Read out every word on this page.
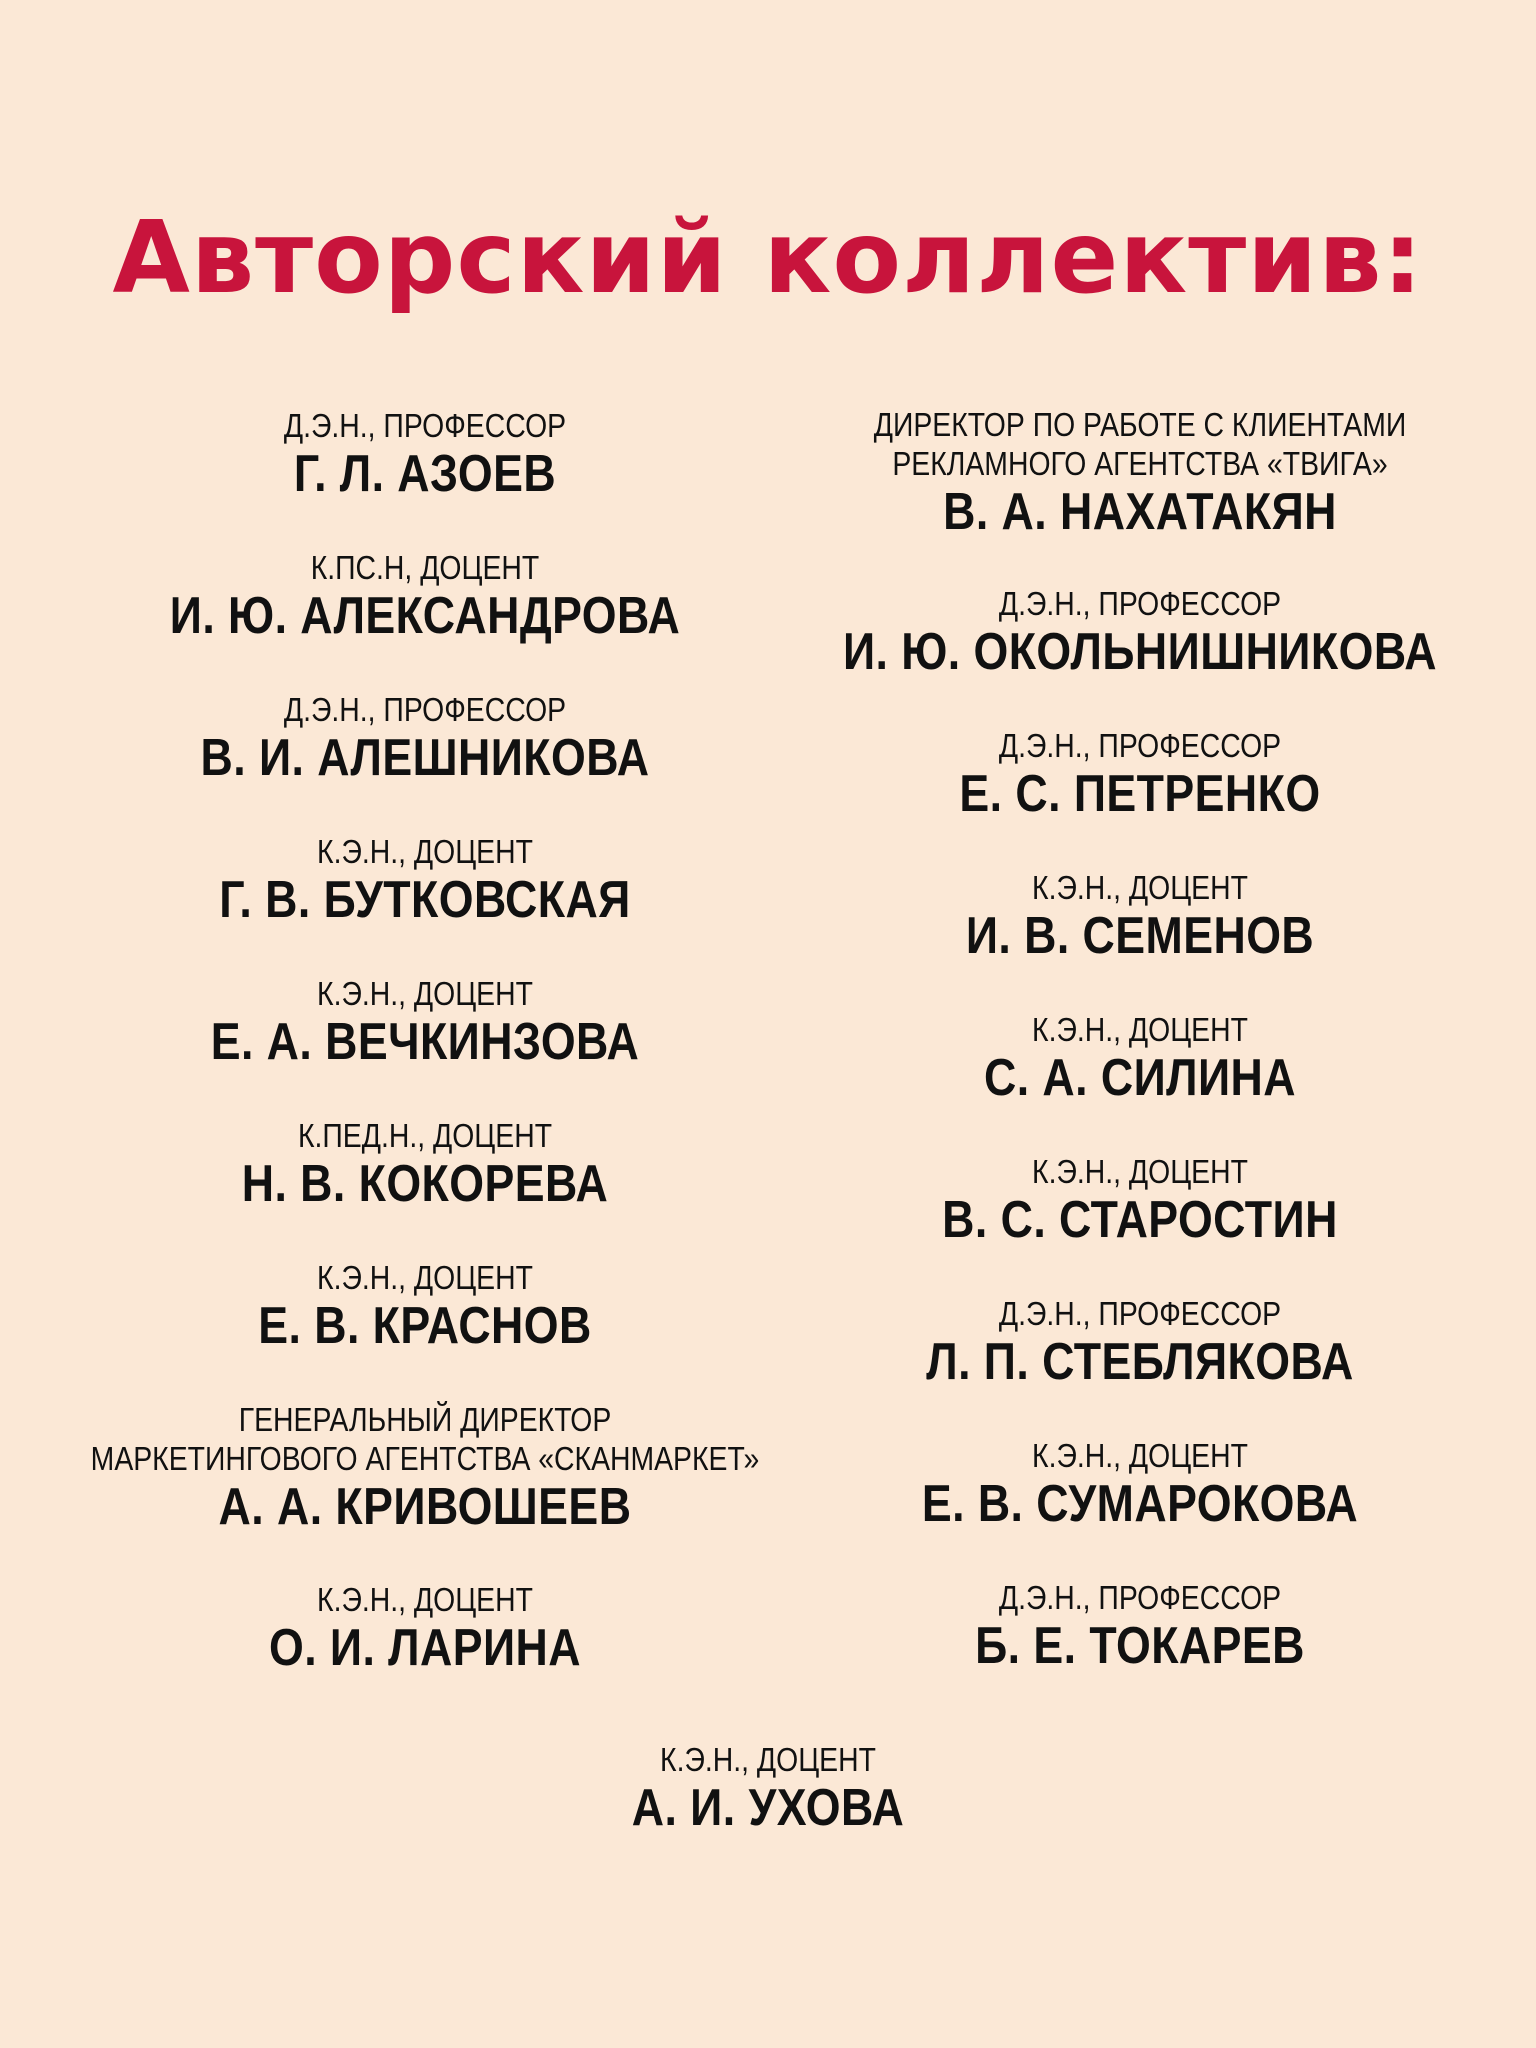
Авторский коллектив:
Д.Э.Н., ПРОФЕССОР
Г. Л. АЗОЕВ
К.ПС.Н, ДОЦЕНТ
И. Ю. АЛЕКСАНДРОВА
Д.Э.Н., ПРОФЕССОР
В. И. АЛЕШНИКОВА
К.Э.Н., ДОЦЕНТ
Г. В. БУТКОВСКАЯ
К.Э.Н., ДОЦЕНТ
Е. А. ВЕЧКИНЗОВА
К.ПЕД.Н., ДОЦЕНТ
Н. В. КОКОРЕВА
К.Э.Н., ДОЦЕНТ
Е. В. КРАСНОВ
ГЕНЕРАЛЬНЫЙ ДИРЕКТОР
МАРКЕТИНГОВОГО АГЕНТСТВА «СКАНМАРКЕТ»
А. А. КРИВОШЕЕВ
К.Э.Н., ДОЦЕНТ
О. И. ЛАРИНА
ДИРЕКТОР ПО РАБОТЕ С КЛИЕНТАМИ
РЕКЛАМНОГО АГЕНТСТВА «ТВИГА»
В. А. НАХАТАКЯН
Д.Э.Н., ПРОФЕССОР
И. Ю. ОКОЛЬНИШНИКОВА
Д.Э.Н., ПРОФЕССОР
Е. С. ПЕТРЕНКО
К.Э.Н., ДОЦЕНТ
И. В. СЕМЕНОВ
К.Э.Н., ДОЦЕНТ
С. А. СИЛИНА
К.Э.Н., ДОЦЕНТ
В. С. СТАРОСТИН
Д.Э.Н., ПРОФЕССОР
Л. П. СТЕБЛЯКОВА
К.Э.Н., ДОЦЕНТ
Е. В. СУМАРОКОВА
Д.Э.Н., ПРОФЕССОР
Б. Е. ТОКАРЕВ
К.Э.Н., ДОЦЕНТ
А. И. УХОВА
